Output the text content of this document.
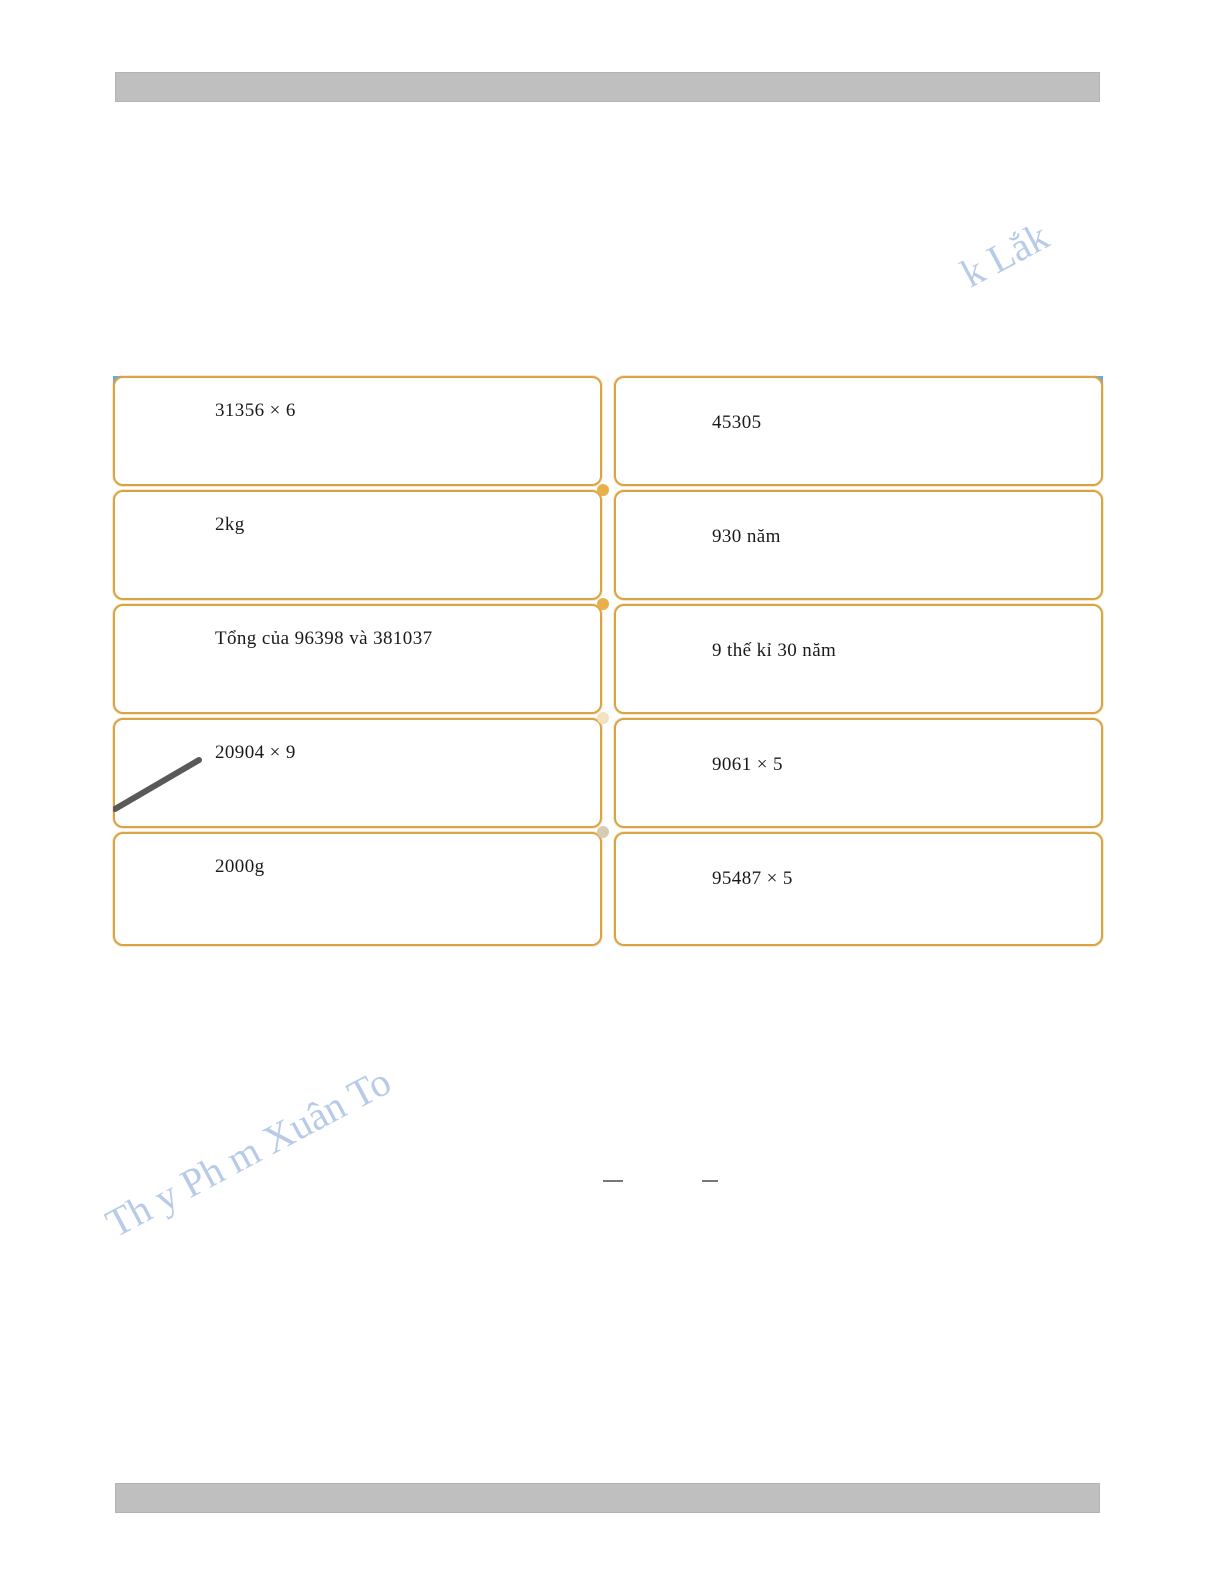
k Lắk
Th y Ph m Xuân To
31356 × 6
2kg
Tổng của 96398 và 381037
20904 × 9
2000g
45305
930 năm
9 thế kỉ 30 năm
9061 × 5
95487 × 5
